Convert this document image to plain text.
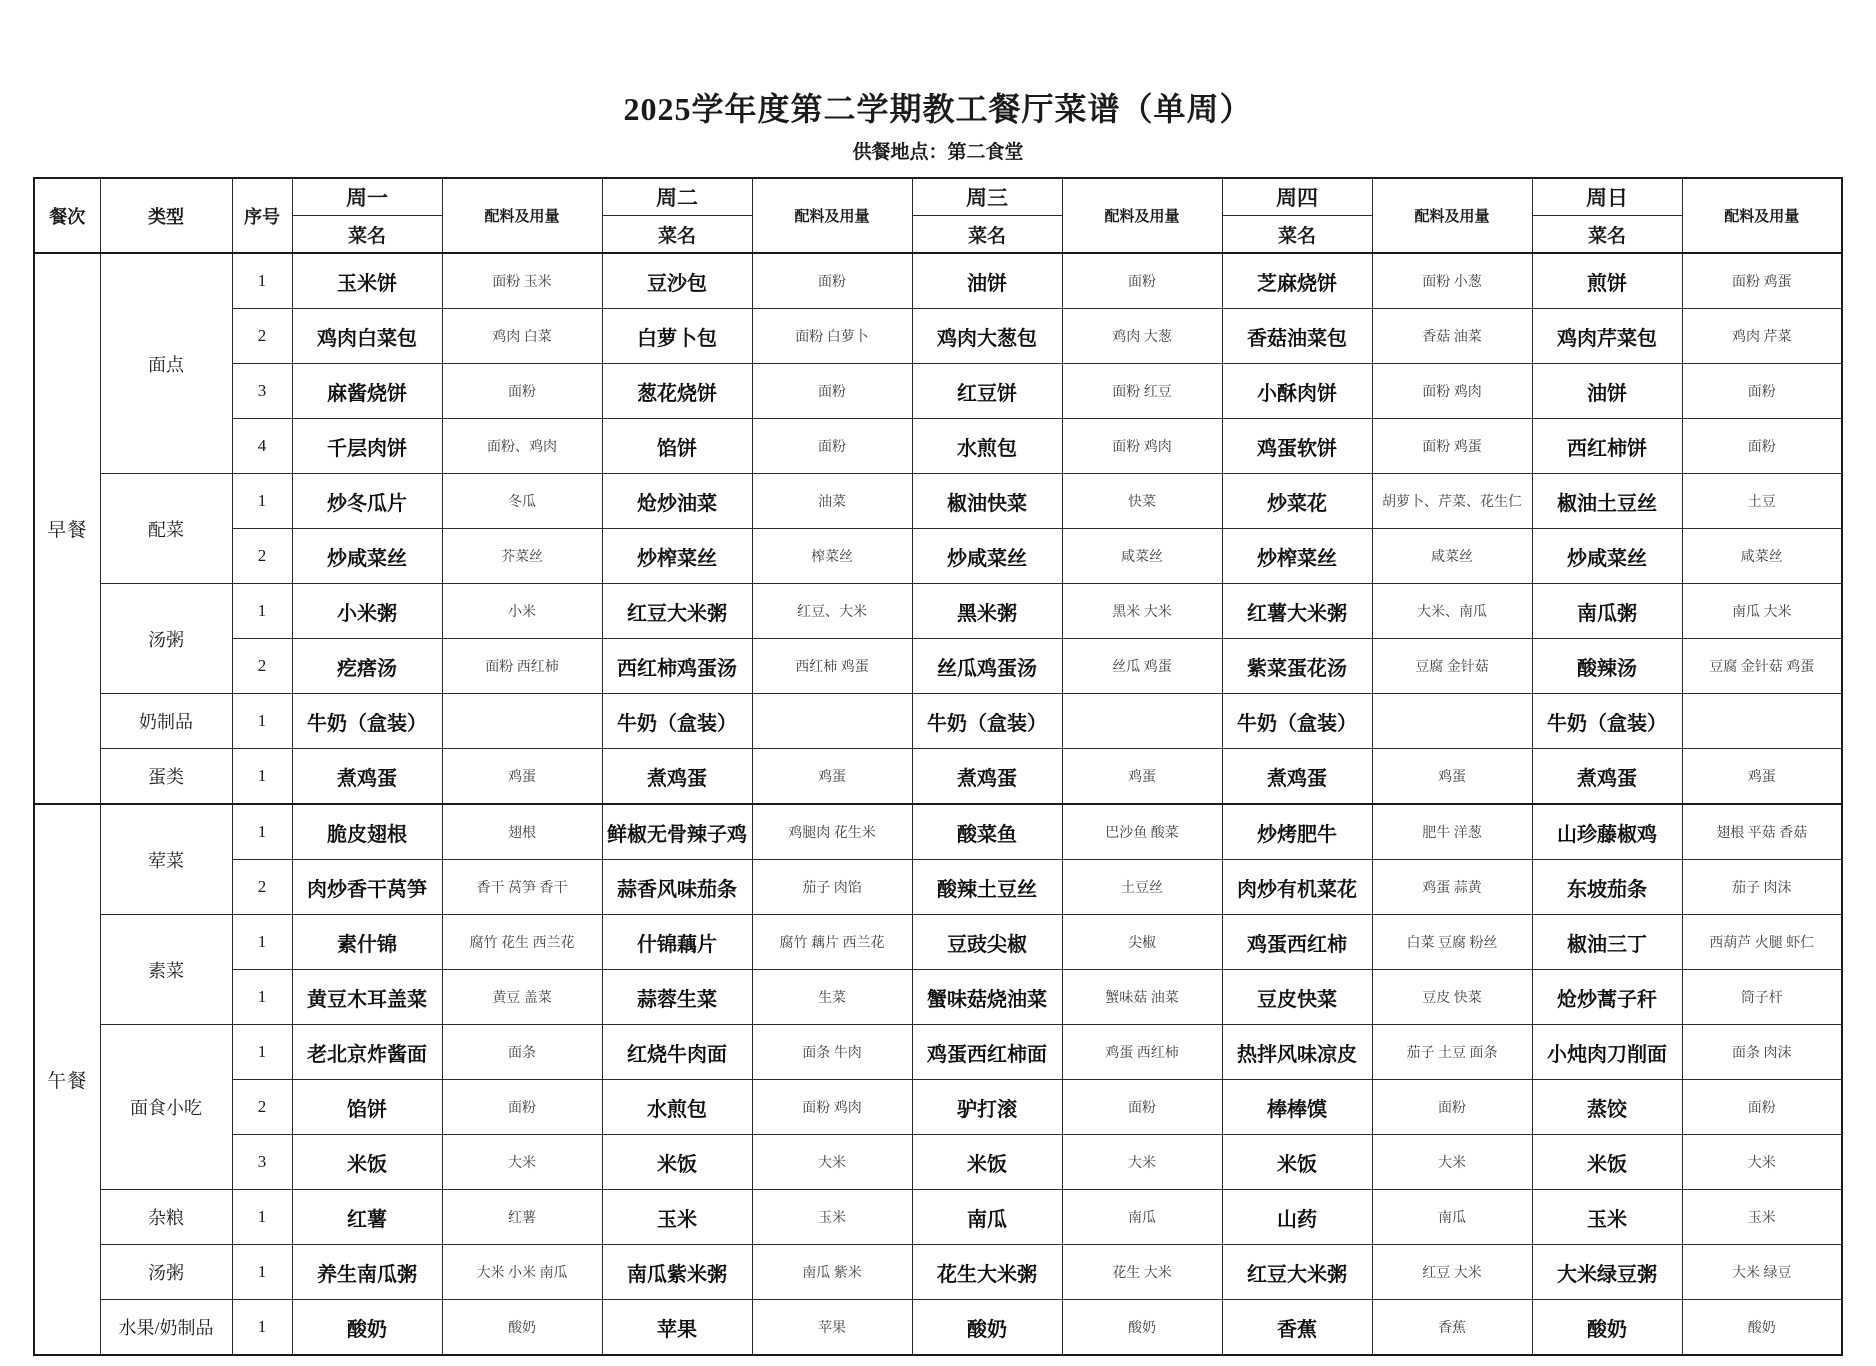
2025学年度第二学期教工餐厅菜谱（单周）
供餐地点：第二食堂
餐次	类型	序号	周一	配料及用量	周二	配料及用量	周三	配料及用量	周四	配料及用量	周日	配料及用量
			菜名		菜名		菜名		菜名		菜名	
早餐	面点	1	玉米饼	面粉 玉米	豆沙包	面粉	油饼	面粉	芝麻烧饼	面粉 小葱	煎饼	面粉 鸡蛋
		2	鸡肉白菜包	鸡肉 白菜	白萝卜包	面粉 白萝卜	鸡肉大葱包	鸡肉 大葱	香菇油菜包	香菇 油菜	鸡肉芹菜包	鸡肉 芹菜
		3	麻酱烧饼	面粉	葱花烧饼	面粉	红豆饼	面粉 红豆	小酥肉饼	面粉 鸡肉	油饼	面粉
		4	千层肉饼	面粉、鸡肉	馅饼	面粉	水煎包	面粉 鸡肉	鸡蛋软饼	面粉 鸡蛋	西红柿饼	面粉
	配菜	1	炒冬瓜片	冬瓜	炝炒油菜	油菜	椒油快菜	快菜	炒菜花	胡萝卜、芹菜、花生仁	椒油土豆丝	土豆
		2	炒咸菜丝	芥菜丝	炒榨菜丝	榨菜丝	炒咸菜丝	咸菜丝	炒榨菜丝	咸菜丝	炒咸菜丝	咸菜丝
	汤粥	1	小米粥	小米	红豆大米粥	红豆、大米	黑米粥	黑米 大米	红薯大米粥	大米、南瓜	南瓜粥	南瓜 大米
		2	疙瘩汤	面粉 西红柿	西红柿鸡蛋汤	西红柿 鸡蛋	丝瓜鸡蛋汤	丝瓜 鸡蛋	紫菜蛋花汤	豆腐 金针菇	酸辣汤	豆腐 金针菇 鸡蛋
	奶制品	1	牛奶（盒装）		牛奶（盒装）		牛奶（盒装）		牛奶（盒装）		牛奶（盒装）	
	蛋类	1	煮鸡蛋	鸡蛋	煮鸡蛋	鸡蛋	煮鸡蛋	鸡蛋	煮鸡蛋	鸡蛋	煮鸡蛋	鸡蛋
午餐	荤菜	1	脆皮翅根	翅根	鲜椒无骨辣子鸡	鸡腿肉 花生米	酸菜鱼	巴沙鱼 酸菜	炒烤肥牛	肥牛 洋葱	山珍藤椒鸡	翅根 平菇 香菇
		2	肉炒香干莴笋	香干 莴笋 香干	蒜香风味茄条	茄子 肉馅	酸辣土豆丝	土豆丝	肉炒有机菜花	鸡蛋 蒜黄	东坡茄条	茄子 肉沫
	素菜	1	素什锦	腐竹 花生 西兰花	什锦藕片	腐竹 藕片 西兰花	豆豉尖椒	尖椒	鸡蛋西红柿	白菜 豆腐 粉丝	椒油三丁	西葫芦 火腿 虾仁
		1	黄豆木耳盖菜	黄豆 盖菜	蒜蓉生菜	生菜	蟹味菇烧油菜	蟹味菇 油菜	豆皮快菜	豆皮 快菜	炝炒蒿子秆	筒子杆
	面食小吃	1	老北京炸酱面	面条	红烧牛肉面	面条 牛肉	鸡蛋西红柿面	鸡蛋 西红柿	热拌风味凉皮	茄子 土豆 面条	小炖肉刀削面	面条 肉沫
		2	馅饼	面粉	水煎包	面粉 鸡肉	驴打滚	面粉	棒棒馍	面粉	蒸饺	面粉
		3	米饭	大米	米饭	大米	米饭	大米	米饭	大米	米饭	大米
	杂粮	1	红薯	红薯	玉米	玉米	南瓜	南瓜	山药	南瓜	玉米	玉米
	汤粥	1	养生南瓜粥	大米 小米 南瓜	南瓜紫米粥	南瓜 紫米	花生大米粥	花生 大米	红豆大米粥	红豆 大米	大米绿豆粥	大米 绿豆
	水果/奶制品	1	酸奶	酸奶	苹果	苹果	酸奶	酸奶	香蕉	香蕉	酸奶	酸奶
